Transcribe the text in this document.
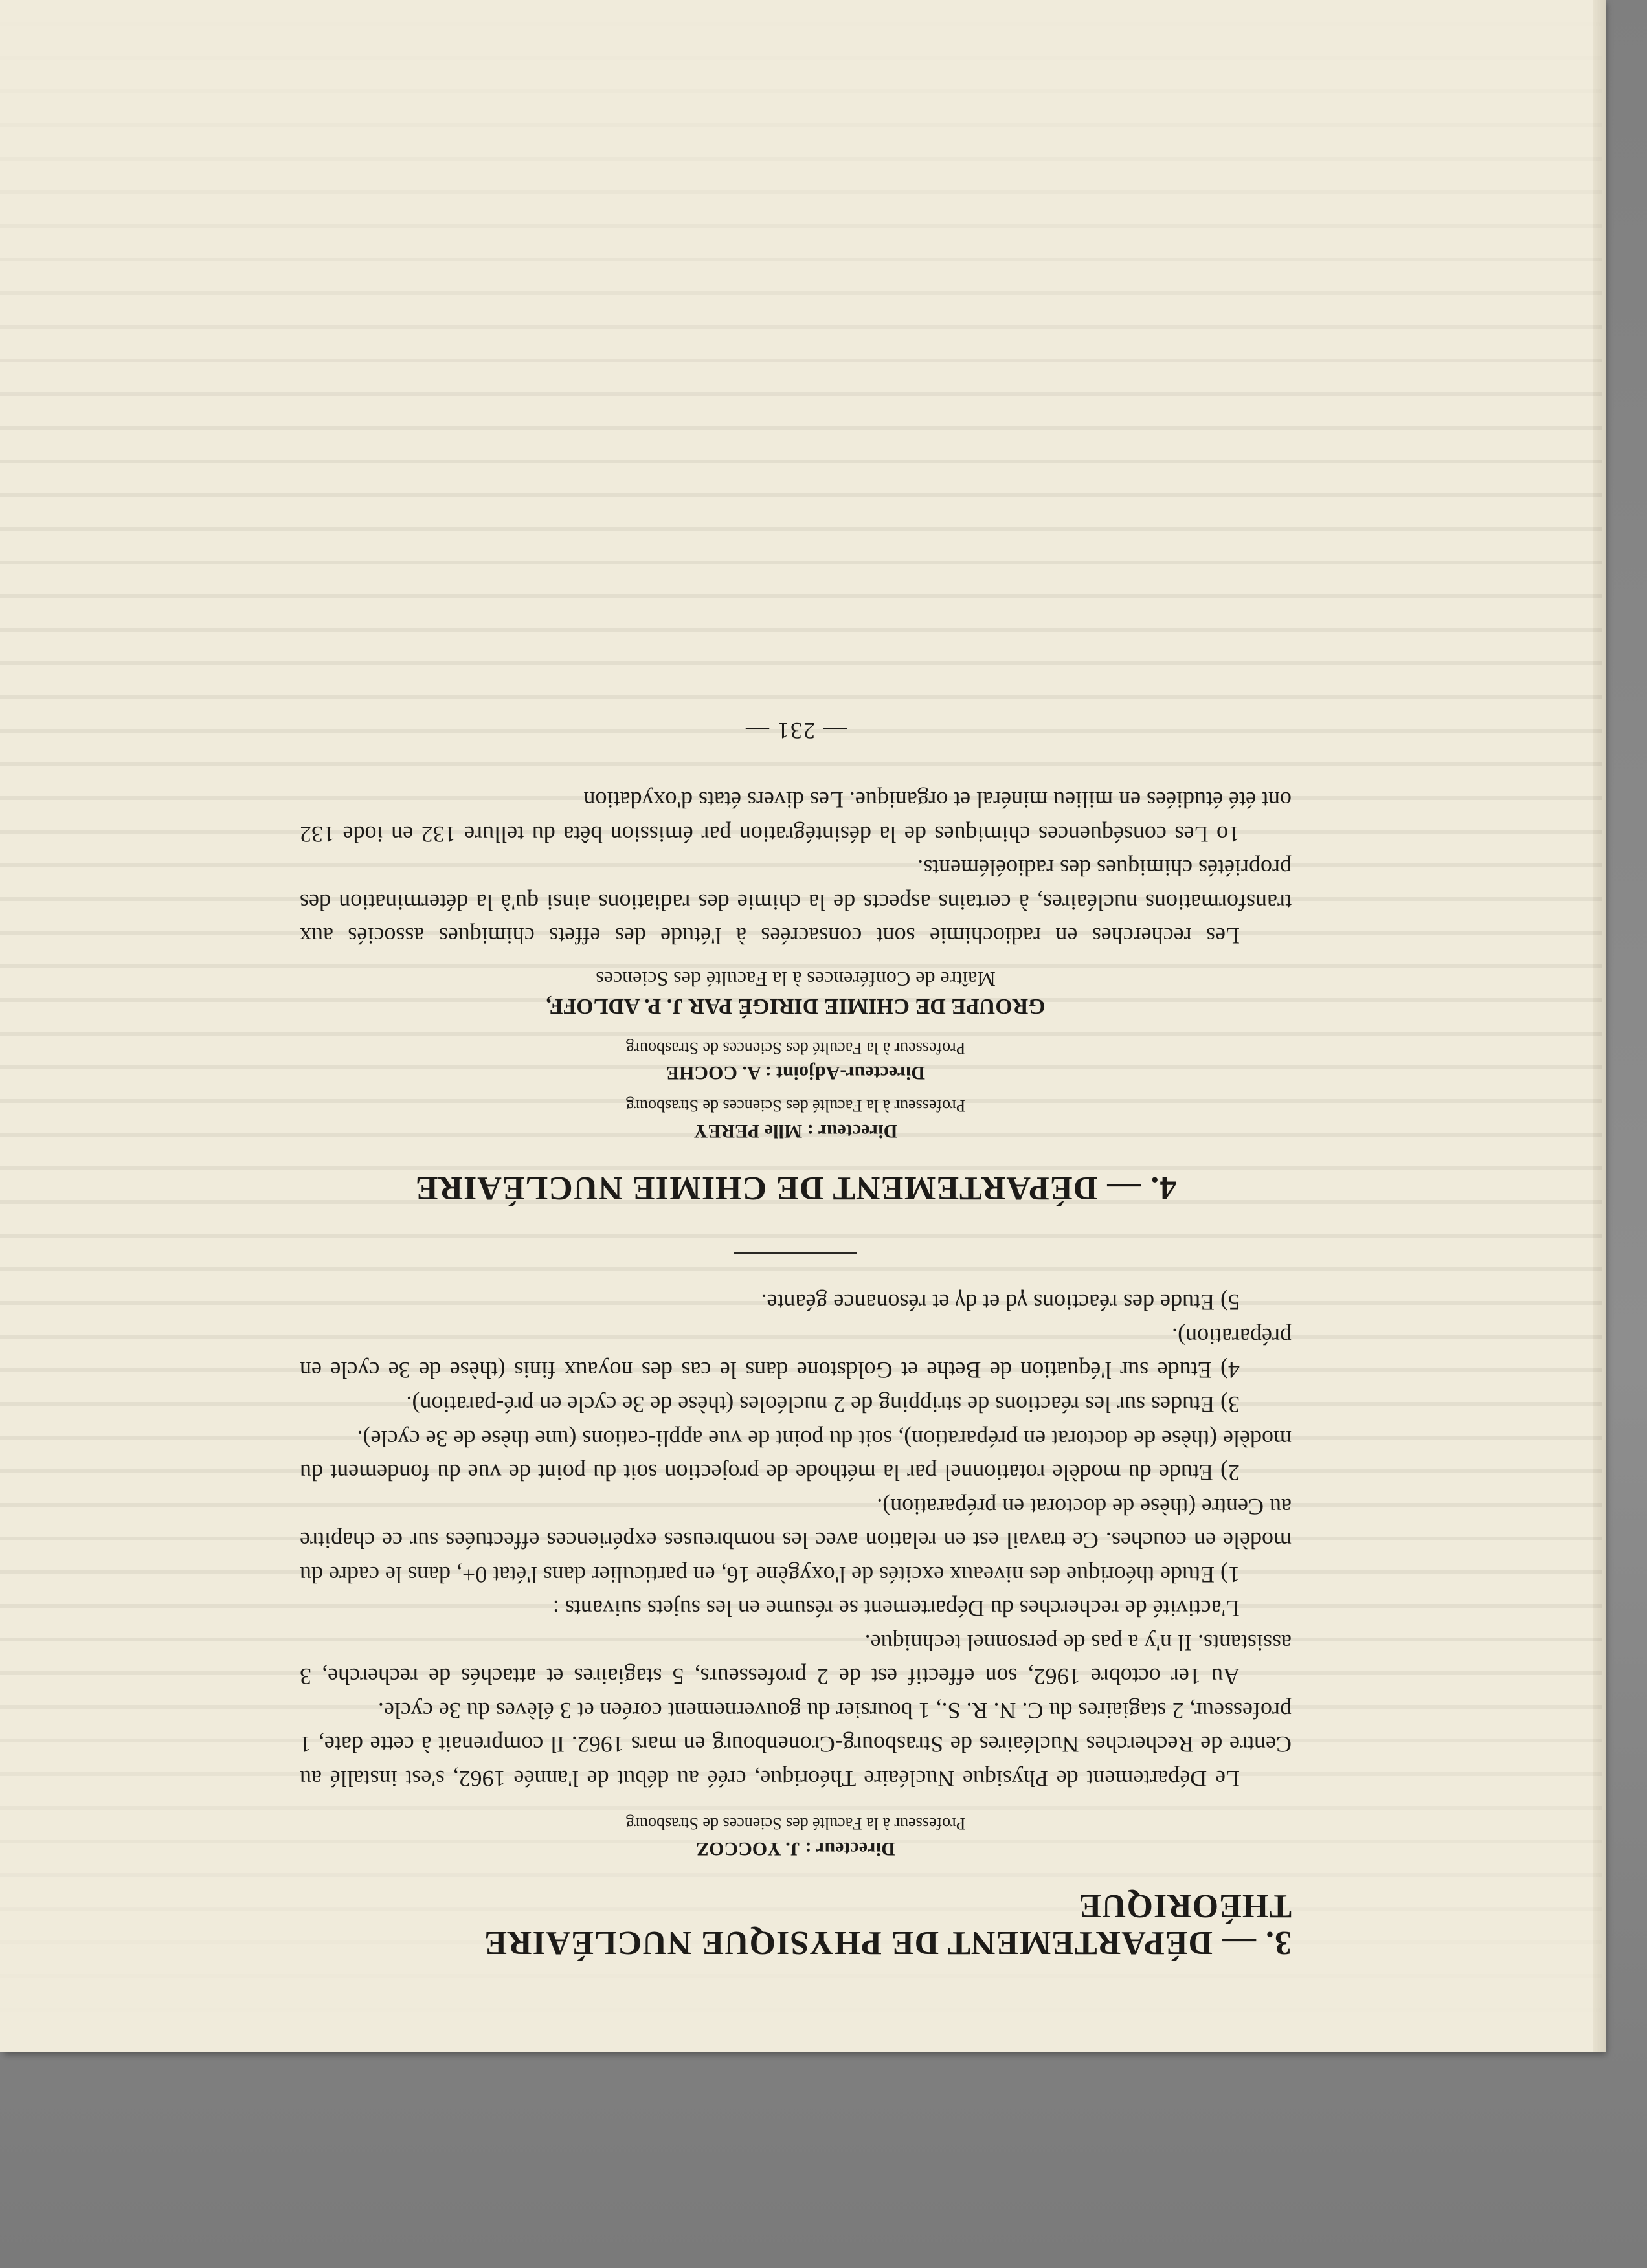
3. — DÉPARTEMENT DE PHYSIQUE NUCLÉAIRE THÉORIQUE

Directeur : J. YOCCOZ

Professeur à la Faculté des Sciences de Strasbourg

Le Département de Physique Nucléaire Théorique, créé au début de l'année 1962, s'est installé au Centre de Recherches Nucléaires de Strasbourg-Cronenbourg en mars 1962. Il comprenait à cette date, 1 professeur, 2 stagiaires du C. N. R. S., 1 boursier du gouvernement coréen et 3 élèves du 3e cycle.

Au 1er octobre 1962, son effectif est de 2 professeurs, 5 stagiaires et attachés de recherche, 3 assistants. Il n'y a pas de personnel technique.

L'activité de recherches du Département se résume en les sujets suivants :

1) Etude théorique des niveaux excités de l'oxygène 16, en particulier dans l'état 0+, dans le cadre du modèle en couches. Ce travail est en relation avec les nombreuses expériences effectuées sur ce chapitre au Centre (thèse de doctorat en préparation).

2) Etude du modèle rotationnel par la méthode de projection soit du point de vue du fondement du modèle (thèse de doctorat en préparation), soit du point de vue appli-cations (une thèse de 3e cycle).

3) Etudes sur les réactions de stripping de 2 nucléoles (thèse de 3e cycle en pré-paration).

4) Etude sur l'équation de Bethe et Goldstone dans le cas des noyaux finis (thèse de 3e cycle en préparation).

5) Etude des réactions γd et dγ et résonance géante.

4. — DÉPARTEMENT DE CHIMIE NUCLÉAIRE

Directeur : Mlle PEREY

Professeur à la Faculté des Sciences de Strasbourg

Directeur-Adjoint : A. COCHE

Professeur à la Faculté des Sciences de Strasbourg

GROUPE DE CHIMIE DIRIGÉ PAR J. P. ADLOFF,

Maître de Conférences à la Faculté des Sciences

Les recherches en radiochimie sont consacrées à l'étude des effets chimiques associés aux transformations nucléaires, à certains aspects de la chimie des radiations ainsi qu'à la détermination des propriétés chimiques des radioéléments.

1o Les conséquences chimiques de la désintégration par émission bêta du tellure 132 en iode 132 ont été étudiées en milieu minéral et organique. Les divers états d'oxydation

— 231 —
